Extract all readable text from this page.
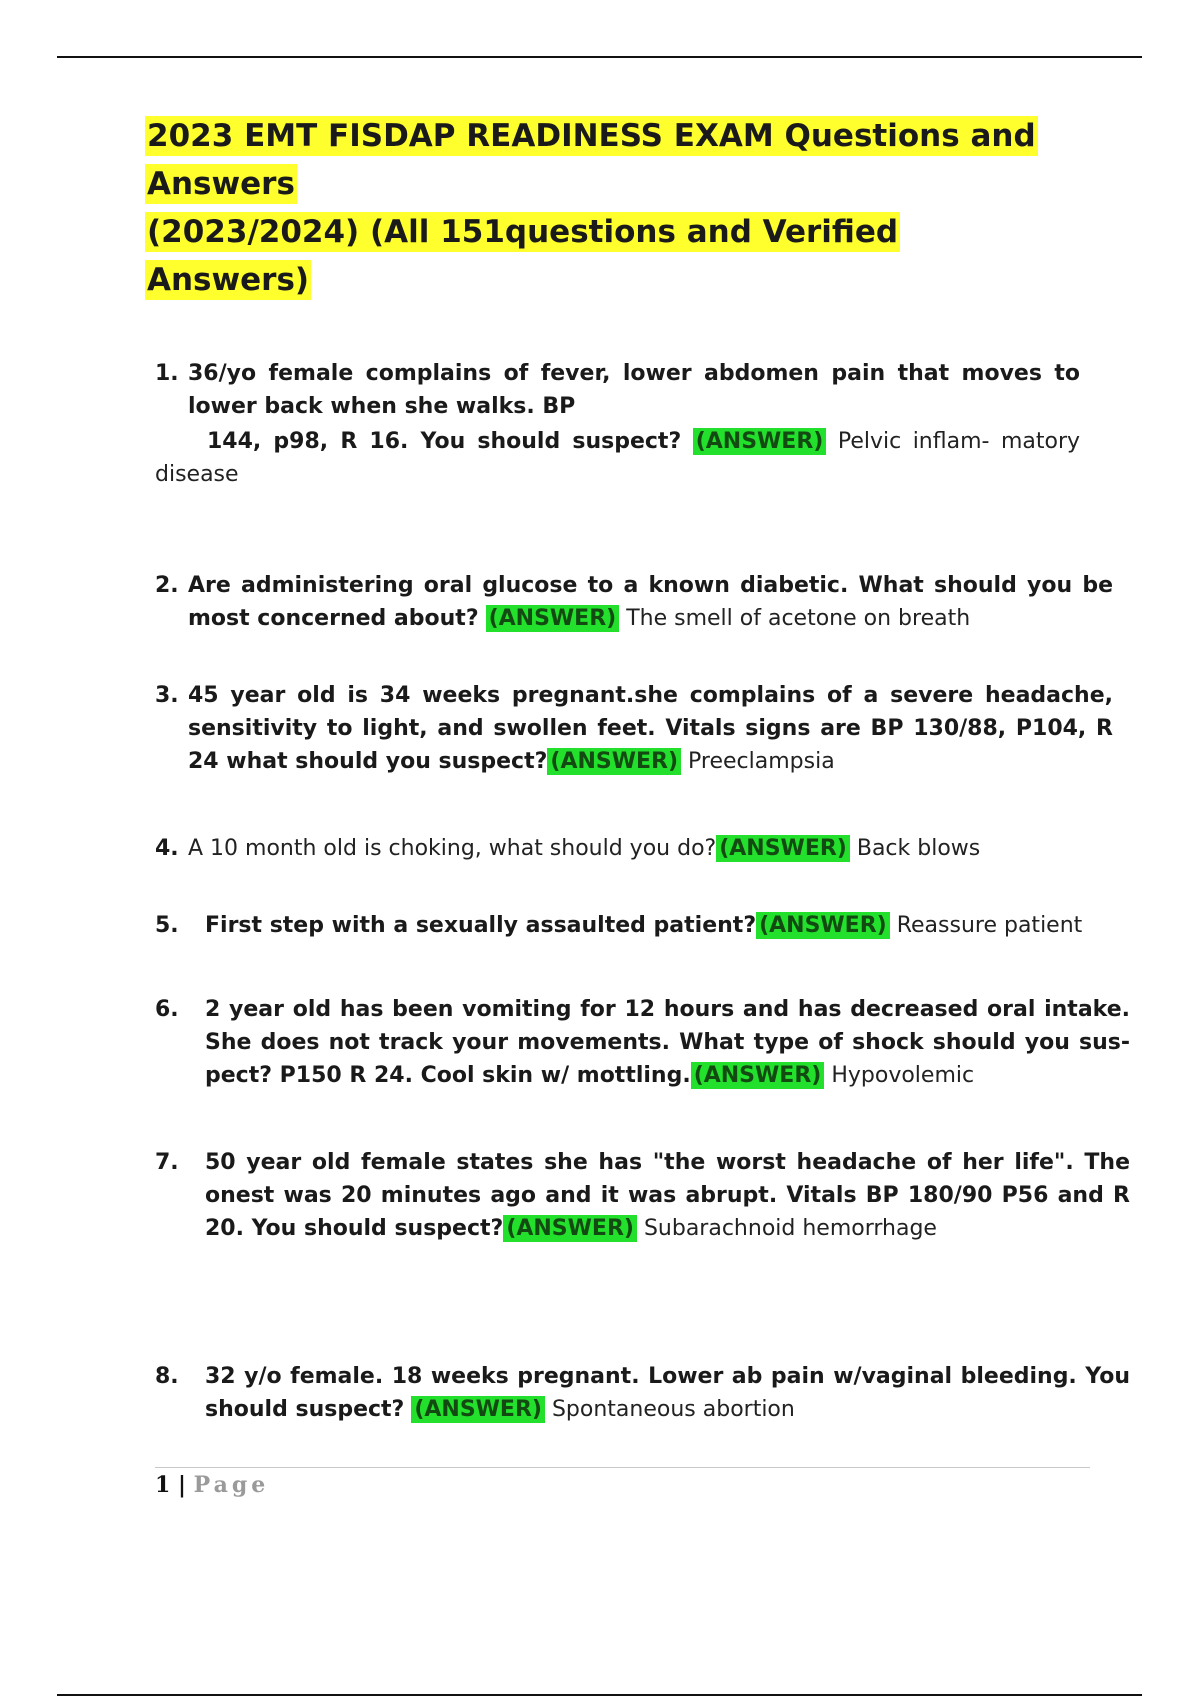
2023 EMT FISDAP READINESS EXAM Questions and
Answers
(2023/2024) (All 151questions and Verified Answers)
1. 36/yo female complains of fever, lower abdomen pain that moves to lower back when she walks. BP
144, p98, R 16. You should suspect? (ANSWER) Pelvic inflam- matory disease
2. Are administering oral glucose to a known diabetic. What should you be most concerned about? (ANSWER) The smell of acetone on breath
3. 45 year old is 34 weeks pregnant.she complains of a severe headache, sensitivity to light, and swollen feet. Vitals signs are BP 130/88, P104, R 24 what should you suspect? (ANSWER) Preeclampsia
4. A 10 month old is choking, what should you do? (ANSWER) Back blows
5. First step with a sexually assaulted patient? (ANSWER) Reassure patient
6. 2 year old has been vomiting for 12 hours and has decreased oral intake. She does not track your movements. What type of shock should you sus- pect? P150 R 24. Cool skin w/ mottling. (ANSWER) Hypovolemic
7. 50 year old female states she has "the worst headache of her life". The onest was 20 minutes ago and it was abrupt. Vitals BP 180/90 P56 and R 20. You should suspect? (ANSWER) Subarachnoid hemorrhage
8. 32 y/o female. 18 weeks pregnant. Lower ab pain w/vaginal bleeding. You should suspect? (ANSWER) Spontaneous abortion
1 | Page
